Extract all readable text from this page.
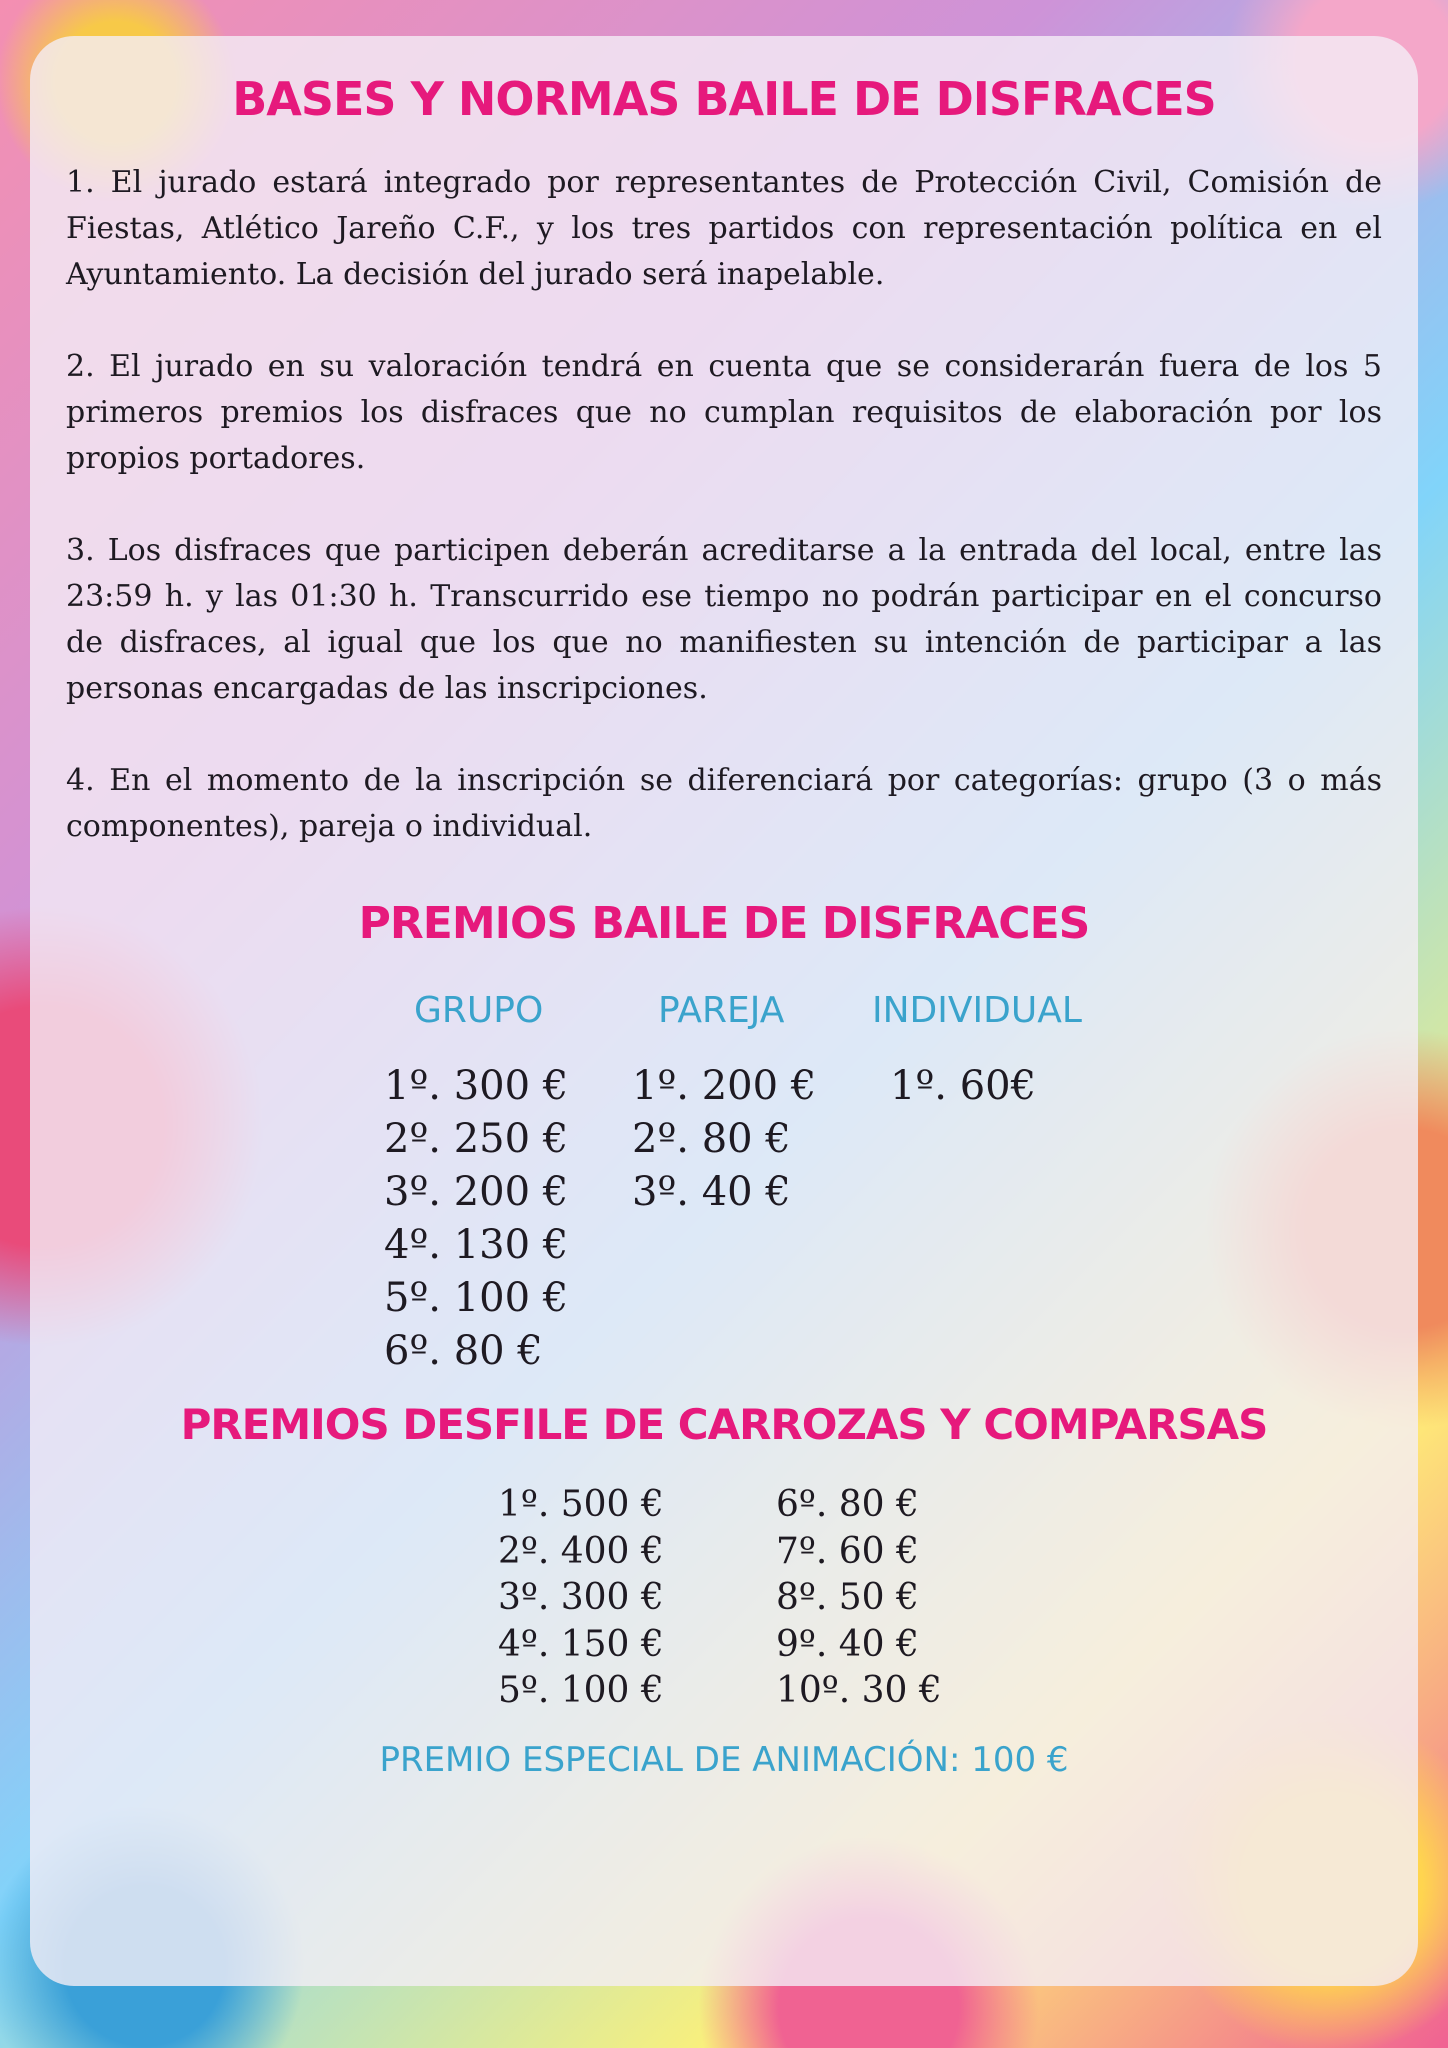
BASES Y NORMAS BAILE DE DISFRACES

1. El jurado estará integrado por representantes de Protección Civil, Comisión de Fiestas, Atlético Jareño C.F., y los tres partidos con representación política en el Ayuntamiento. La decisión del jurado será inapelable.

2. El jurado en su valoración tendrá en cuenta que se considerarán fuera de los 5 primeros premios los disfraces que no cumplan requisitos de elaboración por los propios portadores.

3. Los disfraces que participen deberán acreditarse a la entrada del local, entre las 23:59 h. y las 01:30 h. Transcurrido ese tiempo no podrán participar en el concurso de disfraces, al igual que los que no manifiesten su intención de participar a las personas encargadas de las inscripciones.

4. En el momento de la inscripción se diferenciará por categorías: grupo (3 o más componentes), pareja o individual.

PREMIOS BAILE DE DISFRACES
GRUPO	PAREJA INDIVIDUAL
1º. 300 €
2º. 250 €
3º. 200 €
4º. 130 €
5º. 100 €
6º. 80 €
1º. 200 €
2º. 80 €
3º. 40 €
1º. 60€
PREMIOS DESFILE DE CARROZAS Y COMPARSAS
1º. 500 €
2º. 400 €
3º. 300 €
4º. 150 €
5º. 100 €
6º. 80 €
7º. 60 €
8º. 50 €
9º. 40 €
10º. 30 €
PREMIO ESPECIAL DE ANIMACIÓN: 100 €
